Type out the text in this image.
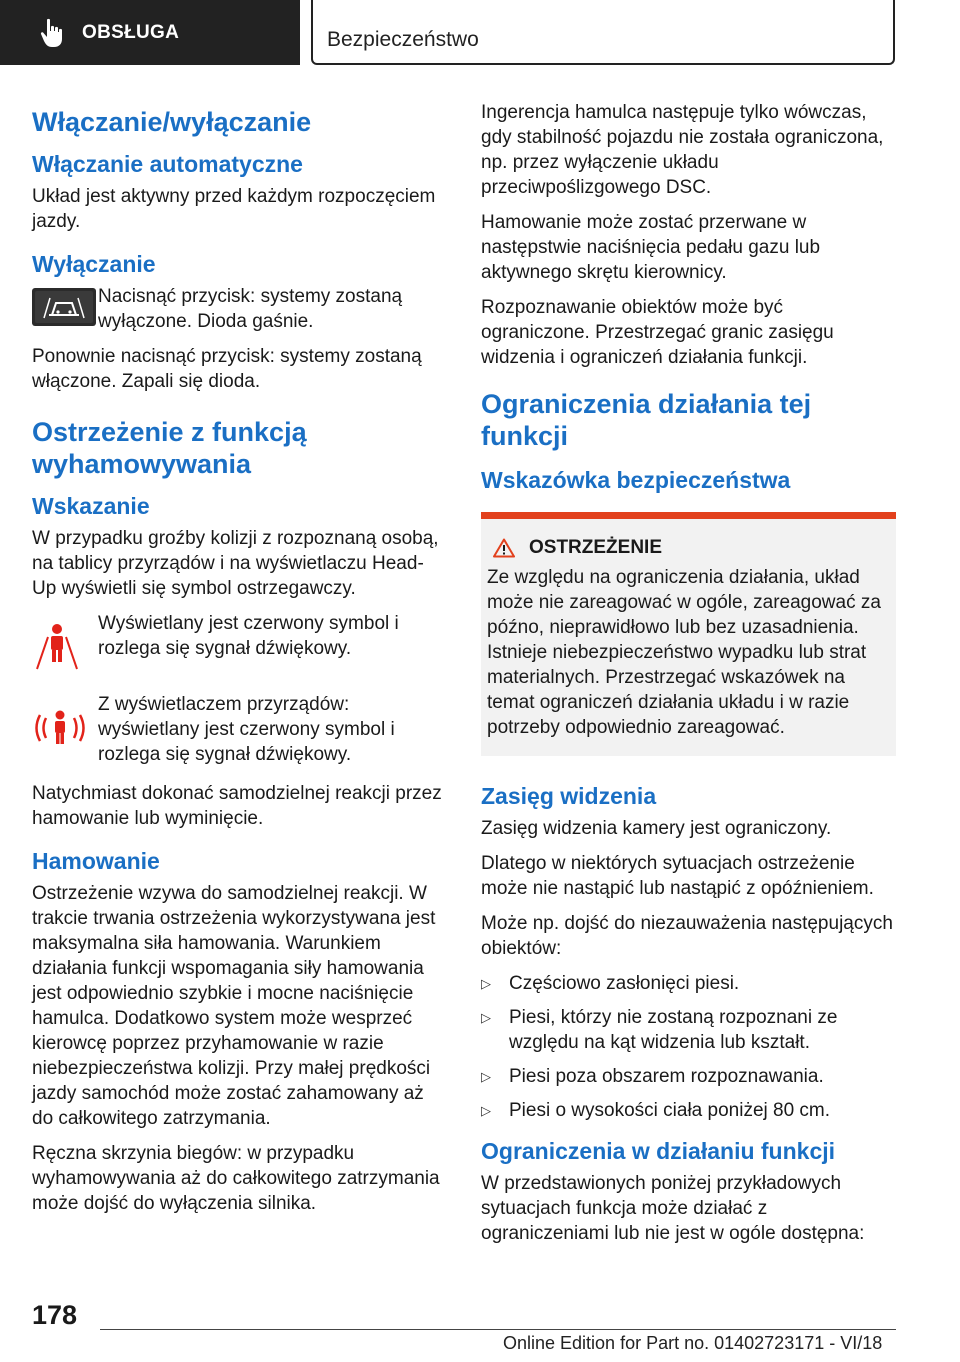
OBSŁUGA	Bezpieczeństwo
Włączanie/wyłączanie
Włączanie automatyczne

Układ jest aktywny przed każdym rozpoczęciem jazdy.

Wyłączanie

Nacisnąć przycisk: systemy zostaną wyłączone. Dioda gaśnie.

Ponownie nacisnąć przycisk: systemy zostaną włączone. Zapali się dioda.

Ostrzeżenie z funkcją wyhamowywania
Wskazanie

W przypadku groźby kolizji z rozpoznaną osobą, na tablicy przyrządów i na wyświetlaczu Head-Up wyświetli się symbol ostrzegawczy.

Wyświetlany jest czerwony symbol i rozlega się sygnał dźwiękowy.

Z wyświetlaczem przyrządów: wyświetlany jest czerwony symbol i rozlega się sygnał dźwiękowy.

Natychmiast dokonać samodzielnej reakcji przez hamowanie lub wyminięcie.

Hamowanie

Ostrzeżenie wzywa do samodzielnej reakcji. W trakcie trwania ostrzeżenia wykorzystywana jest maksymalna siła hamowania. Warunkiem działania funkcji wspomagania siły hamowania jest odpowiednio szybkie i mocne naciśnięcie hamulca. Dodatkowo system może wesprzeć kierowcę poprzez przyhamowanie w razie niebezpieczeństwa kolizji. Przy małej prędkości jazdy samochód może zostać zahamowany aż do całkowitego zatrzymania.

Ręczna skrzynia biegów: w przypadku wyhamowywania aż do całkowitego zatrzymania może dojść do wyłączenia silnika.

Ingerencja hamulca następuje tylko wówczas, gdy stabilność pojazdu nie została ograniczona, np. przez wyłączenie układu przeciwpoślizgowego DSC.

Hamowanie może zostać przerwane w następstwie naciśnięcia pedału gazu lub aktywnego skrętu kierownicy.

Rozpoznawanie obiektów może być ograniczone. Przestrzegać granic zasięgu widzenia i ograniczeń działania funkcji.

Ograniczenia działania tej funkcji
Wskazówka bezpieczeństwa
OSTRZEŻENIE

Ze względu na ograniczenia działania, układ może nie zareagować w ogóle, zareagować za późno, nieprawidłowo lub bez uzasadnienia. Istnieje niebezpieczeństwo wypadku lub strat materialnych. Przestrzegać wskazówek na temat ograniczeń działania układu i w razie potrzeby odpowiednio zareagować.

Zasięg widzenia

Zasięg widzenia kamery jest ograniczony.

Dlatego w niektórych sytuacjach ostrzeżenie może nie nastąpić lub nastąpić z opóźnieniem.

Może np. dojść do niezauważenia następujących obiektów:

▷ Częściowo zasłonięci piesi.
▷ Piesi, którzy nie zostaną rozpoznani ze względu na kąt widzenia lub kształt.
▷ Piesi poza obszarem rozpoznawania.
▷ Piesi o wysokości ciała poniżej 80 cm.
Ograniczenia w działaniu funkcji

W przedstawionych poniżej przykładowych sytuacjach funkcja może działać z ograniczeniami lub nie jest w ogóle dostępna:

178
Online Edition for Part no. 01402723171 - VI/18
